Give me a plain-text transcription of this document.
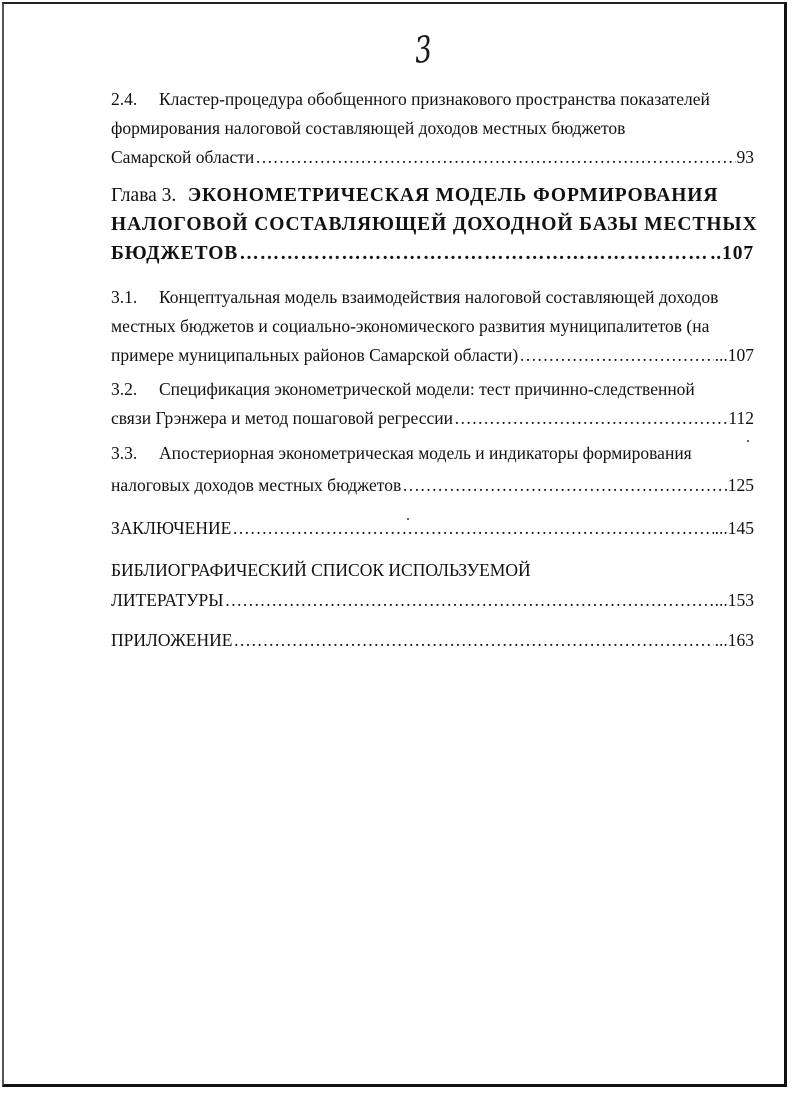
3
2.4. Кластер-процедура обобщенного признакового пространства показателей
формирования налоговой составляющей доходов местных бюджетов
Самарской области ……………………………………………………………………………………………………………………………………………………………………………	93
Глава 3. ЭКОНОМЕТРИЧЕСКАЯ МОДЕЛЬ ФОРМИРОВАНИЯ
НАЛОГОВОЙ СОСТАВЛЯЮЩЕЙ ДОХОДНОЙ БАЗЫ МЕСТНЫХ
БЮДЖЕТОВ ……………………………………………………………………………………………………………………………………………………………………………	..107
3.1. Концептуальная модель взаимодействия налоговой составляющей доходов
местных бюджетов и социально-экономического развития муниципалитетов (на
примере муниципальных районов Самарской области) ……………………………………………………………………………………………………………………………………………………………………………	...107
3.2. Спецификация эконометрической модели: тест причинно-следственной
связи Грэнжера и метод пошаговой регрессии ……………………………………………………………………………………………………………………………………………………………………………	112
3.3. Апостериорная эконометрическая модель и индикаторы формирования
налоговых доходов местных бюджетов ……………………………………………………………………………………………………………………………………………………………………………	125
ЗАКЛЮЧЕНИЕ ……………………………………………………………………………………………………………………………………………………………………………	...145
БИБЛИОГРАФИЧЕСКИЙ СПИСОК ИСПОЛЬЗУЕМОЙ
ЛИТЕРАТУРЫ ……………………………………………………………………………………………………………………………………………………………………………	...153
ПРИЛОЖЕНИЕ ……………………………………………………………………………………………………………………………………………………………………………	...163
